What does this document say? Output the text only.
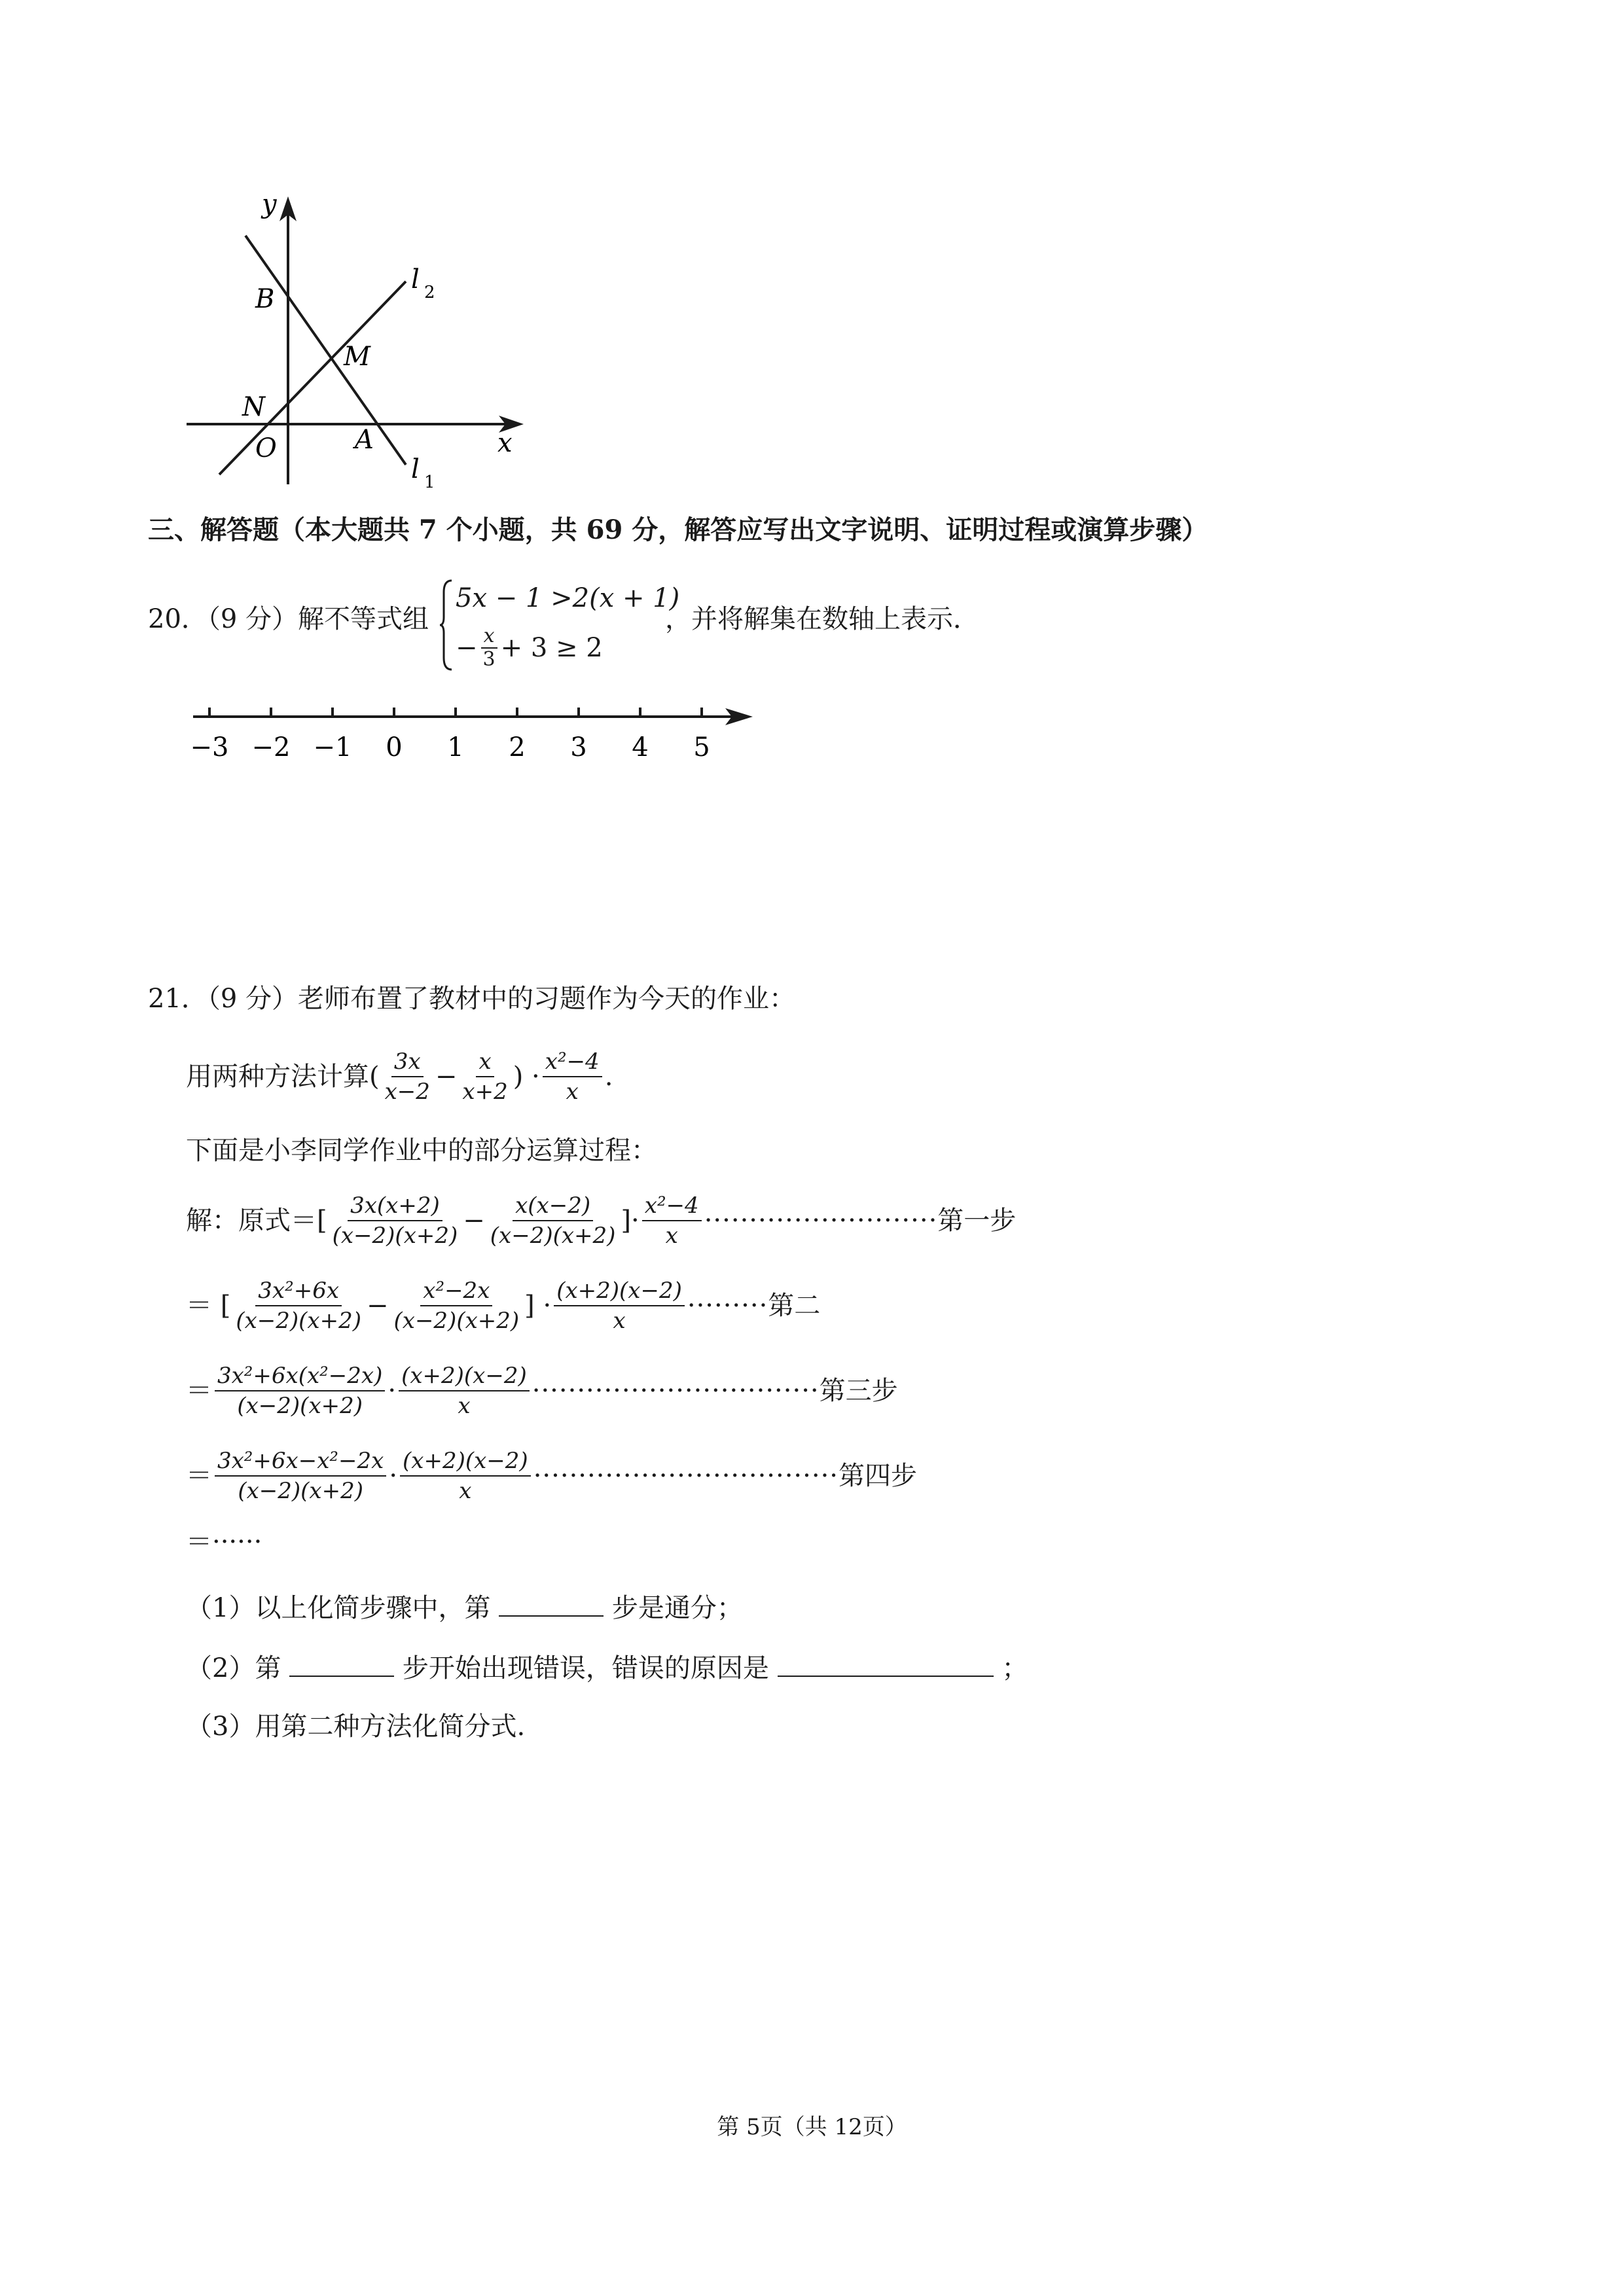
y
B
M
N
O	A	x
l 2
l 1
三、解答题（本大题共 7 个小题，共 69 分，解答应写出文字说明、证明过程或演算步骤）
20．（9 分）解不等式组
5x − 1 >2(x + 1)
− $\frac{x}{3} + 3 \ge 2$
，并将解集在数轴上表示．
−3 −2 −1 0 1 2 3 4 5
21．（9 分）老师布置了教材中的习题作为今天的作业：
用两种方法计算( $\frac{3x}{x-2} - \frac{x}{x+2}$ ) · $\frac{\text{x²−4}}{x}$ .
下面是小李同学作业中的部分运算过程：
解：原式＝[ $\frac{3x(x+2)}{(x-2)(x+2)} - \frac{x(x-2)}{(x-2)(x+2)}$ ]· $\frac{\text{x²−4}}{x}$ ·························· 第一步
＝ [ $\frac{\text{3x²+6x}}{(x-2)(x+2)} - \frac{\text{x²−2x}}{(x-2)(x+2)}$ ] · $\frac{(x+2)(x-2)}{x}$ ········· 第二
＝ $\frac{\text{3x²+6x(x²−2x)}}{(x-2)(x+2)} \cdot \frac{(x+2)(x-2)}{x}$ ································ 第三步
＝ $\frac{\text{3x²+6x−x²−2x}}{(x-2)(x+2)} \cdot \frac{(x+2)(x-2)}{x}$ ·································· 第四步
＝······
（1）以上化简步骤中，第	步是通分；
（2）第	步开始出现错误，错误的原因是	；
（3）用第二种方法化简分式.
第 5页（共 12页）
